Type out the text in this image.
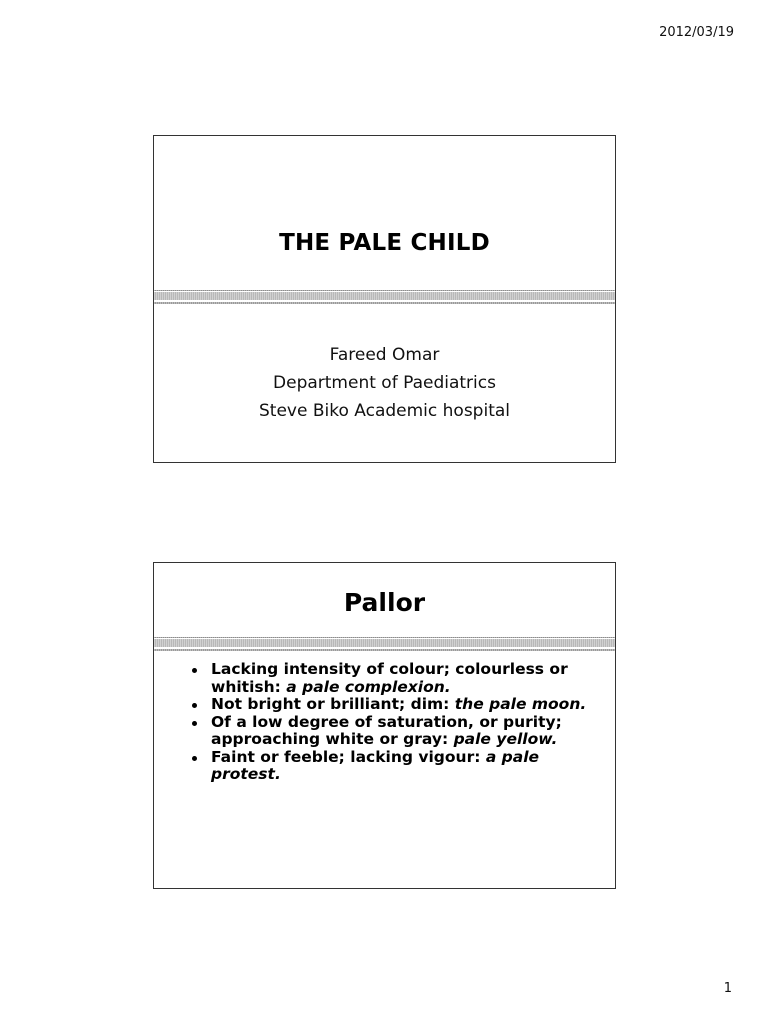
2012/03/19
THE PALE CHILD
Fareed Omar
Department of Paediatrics
Steve Biko Academic hospital
Pallor
Lacking intensity of colour; colourless or whitish: a pale complexion.
Not bright or brilliant; dim: the pale moon.
Of a low degree of saturation, or purity; approaching white or gray: pale yellow.
Faint or feeble; lacking vigour: a pale protest.
1
